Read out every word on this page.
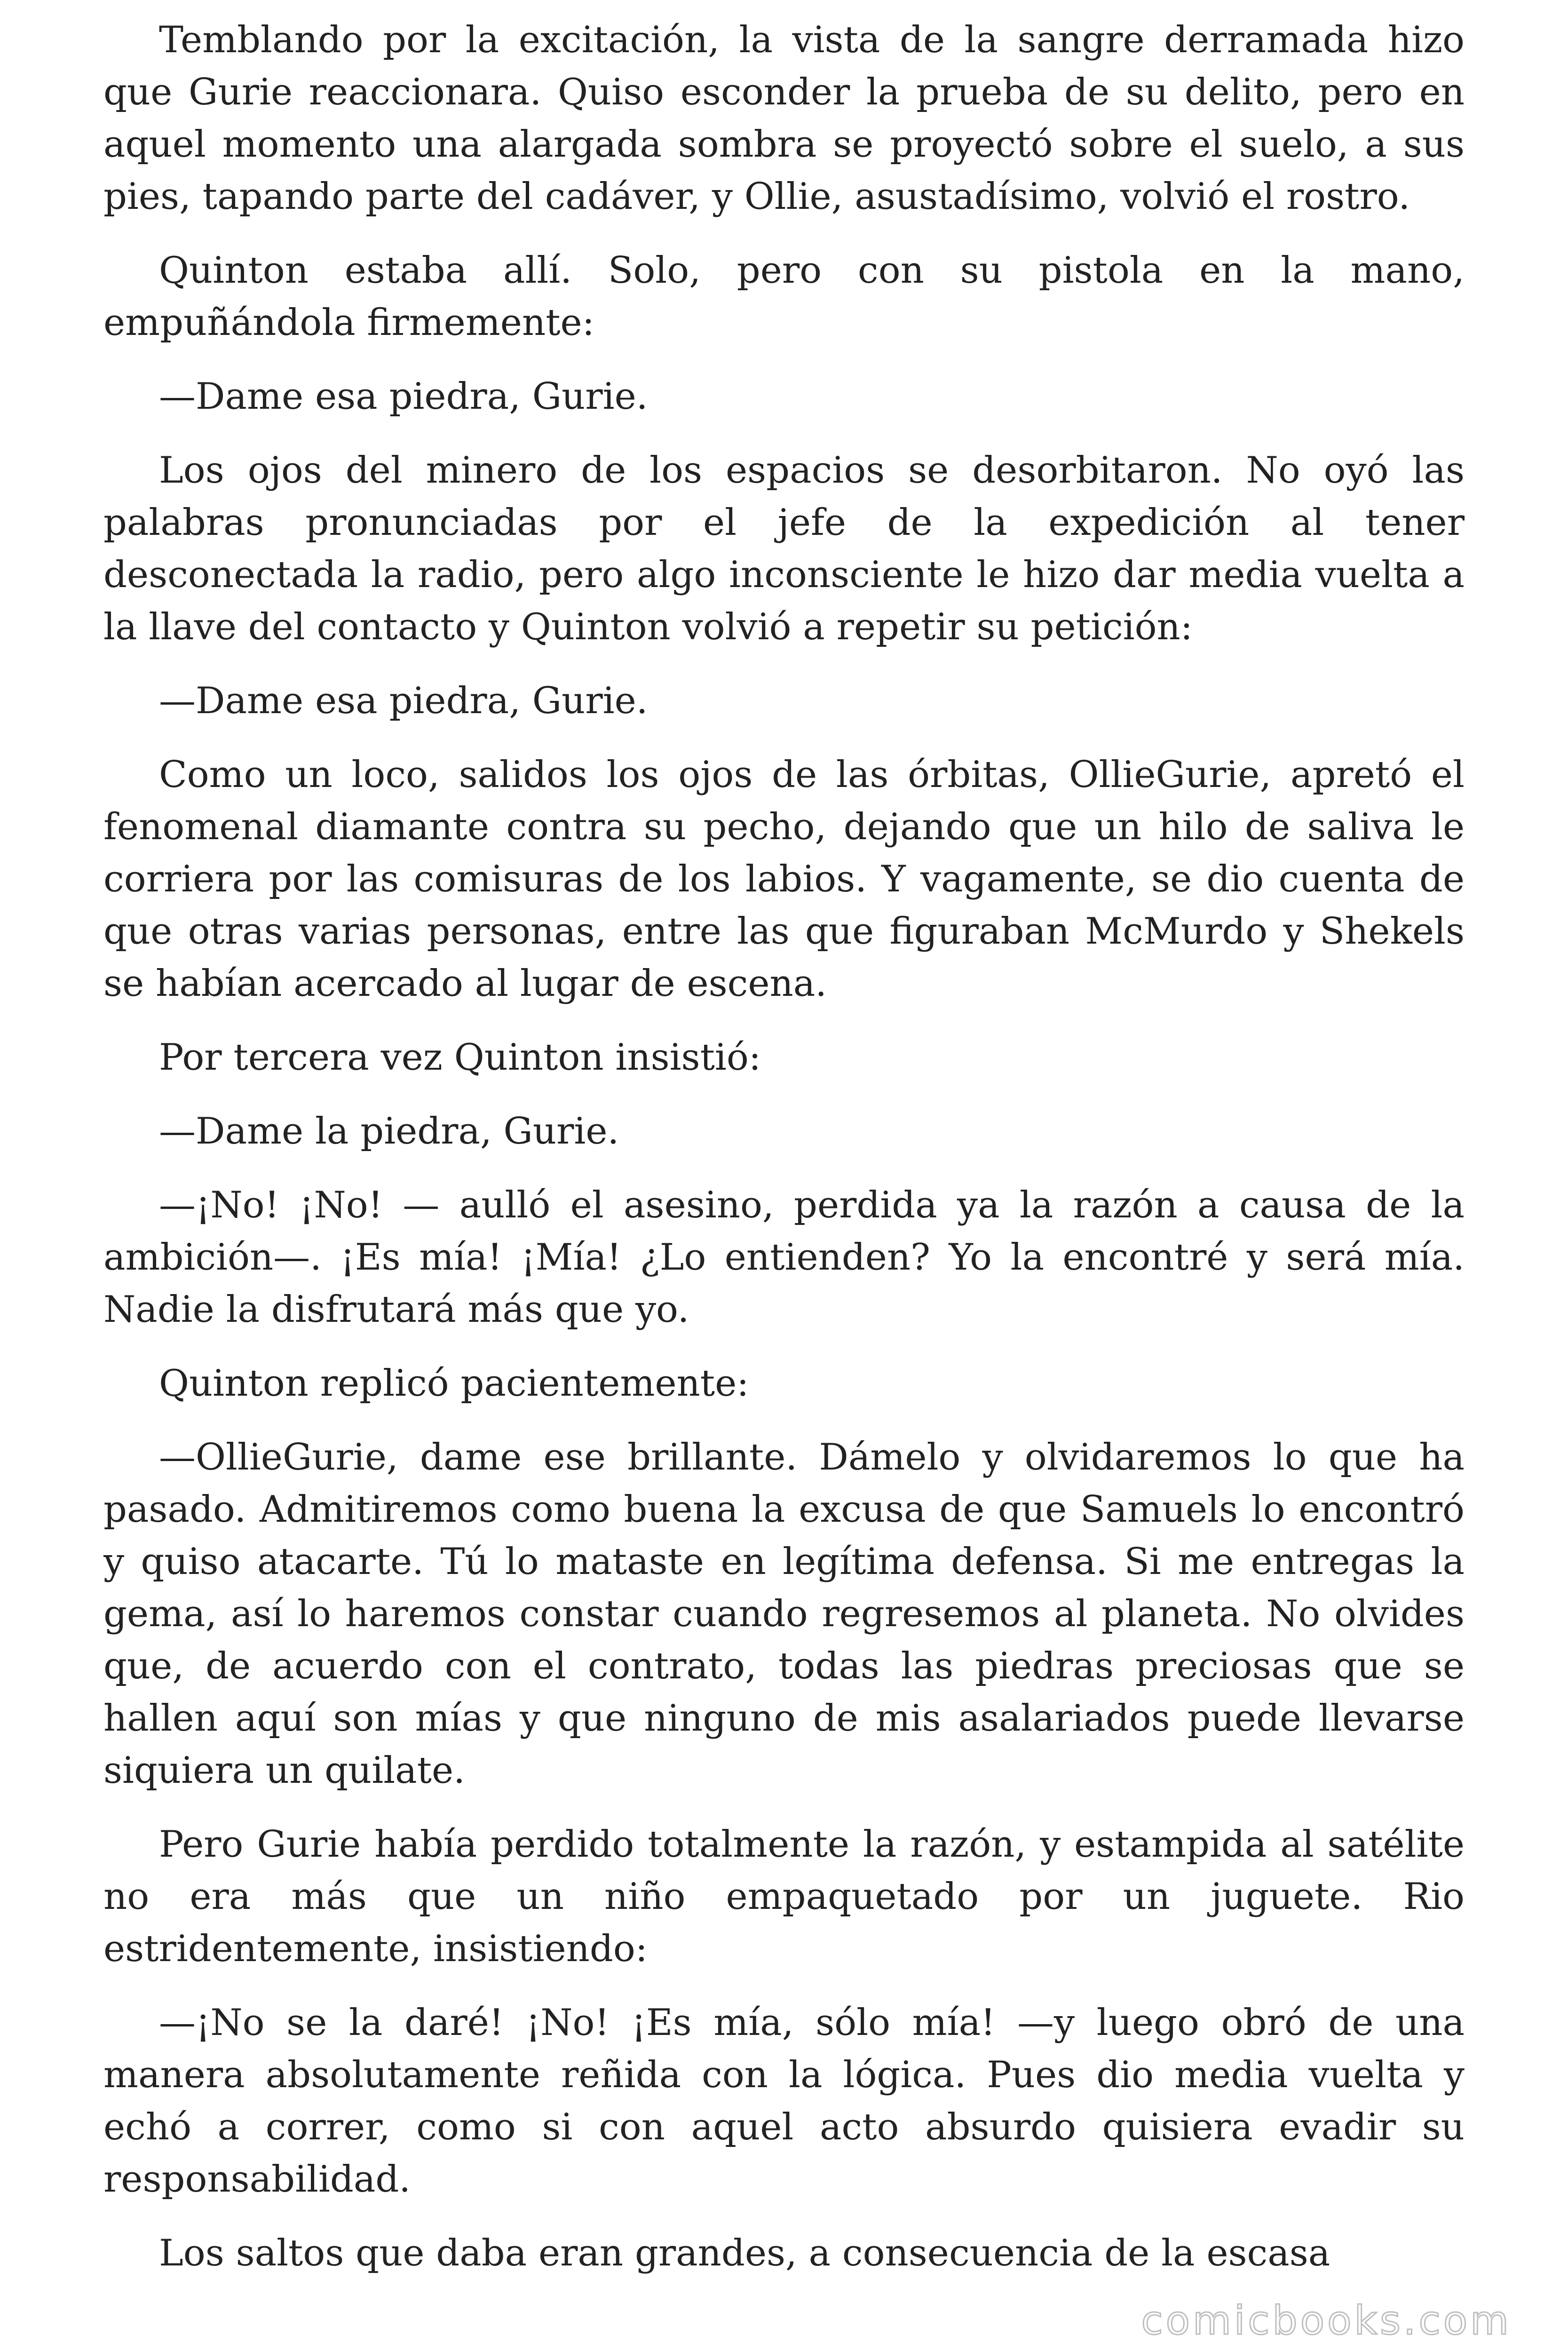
Temblando por la excitación, la vista de la sangre derramada hizo que Gurie reaccionara. Quiso esconder la prueba de su delito, pero en aquel momento una alargada sombra se proyectó sobre el suelo, a sus pies, tapando parte del cadáver, y Ollie, asustadísimo, volvió el rostro.

Quinton estaba allí. Solo, pero con su pistola en la mano, empuñándola firmemente:

—Dame esa piedra, Gurie.

Los ojos del minero de los espacios se desorbitaron. No oyó las palabras pronunciadas por el jefe de la expedición al tener desconectada la radio, pero algo inconsciente le hizo dar media vuelta a la llave del contacto y Quinton volvió a repetir su petición:

—Dame esa piedra, Gurie.

Como un loco, salidos los ojos de las órbitas, OllieGurie, apretó el fenomenal diamante contra su pecho, dejando que un hilo de saliva le corriera por las comisuras de los labios. Y vagamente, se dio cuenta de que otras varias personas, entre las que figuraban McMurdo y Shekels se habían acercado al lugar de escena.

Por tercera vez Quinton insistió:

—Dame la piedra, Gurie.

—¡No! ¡No! — aulló el asesino, perdida ya la razón a causa de la ambición—. ¡Es mía! ¡Mía! ¿Lo entienden? Yo la encontré y será mía. Nadie la disfrutará más que yo.

Quinton replicó pacientemente:

—OllieGurie, dame ese brillante. Dámelo y olvidaremos lo que ha pasado. Admitiremos como buena la excusa de que Samuels lo encontró y quiso atacarte. Tú lo mataste en legítima defensa. Si me entregas la gema, así lo haremos constar cuando regresemos al planeta. No olvides que, de acuerdo con el contrato, todas las piedras preciosas que se hallen aquí son mías y que ninguno de mis asalariados puede llevarse siquiera un quilate.

Pero Gurie había perdido totalmente la razón, y estampida al satélite no era más que un niño empaquetado por un juguete. Rio estridentemente, insistiendo:

—¡No se la daré! ¡No! ¡Es mía, sólo mía! —y luego obró de una manera absolutamente reñida con la lógica. Pues dio media vuelta y echó a correr, como si con aquel acto absurdo quisiera evadir su responsabilidad.

Los saltos que daba eran grandes, a consecuencia de la escasa

comicbooks.com
